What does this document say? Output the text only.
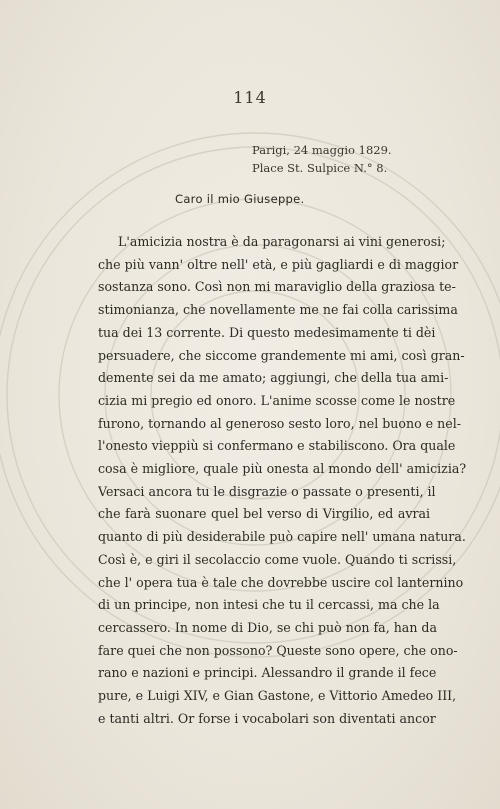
114
Parigi, 24 maggio 1829.
Place St. Sulpice N.° 8.
Caro il mio Giuseppe.
L'amicizia nostra è da paragonarsi ai vini generosi;
che più vann' oltre nell' età, e più gagliardi e di maggior
sostanza sono. Così non mi maraviglio della graziosa te-
stimonianza, che novellamente me ne fai colla carissima
tua dei 13 corrente. Di questo medesimamente ti dèi
persuadere, che siccome grandemente mi ami, così gran-
demente sei da me amato; aggiungi, che della tua ami-
cizia mi pregio ed onoro. L'anime scosse come le nostre
furono, tornando al generoso sesto loro, nel buono e nel-
l'onesto vieppiù si confermano e stabiliscono. Ora quale
cosa è migliore, quale più onesta al mondo dell' amicizia?
Versaci ancora tu le disgrazie o passate o presenti, il
che farà suonare quel bel verso di Virgilio, ed avrai
quanto di più desiderabile può capire nell' umana natura.
Così è, e giri il secolaccio come vuole. Quando ti scrissi,
che l' opera tua è tale che dovrebbe uscire col lanternino
di un principe, non intesi che tu il cercassi, ma che la
cercassero. In nome di Dio, se chi può non fa, han da
fare quei che non possono? Queste sono opere, che ono-
rano e nazioni e principi. Alessandro il grande il fece
pure, e Luigi XIV, e Gian Gastone, e Vittorio Amedeo III,
e tanti altri. Or forse i vocabolari son diventati ancor
